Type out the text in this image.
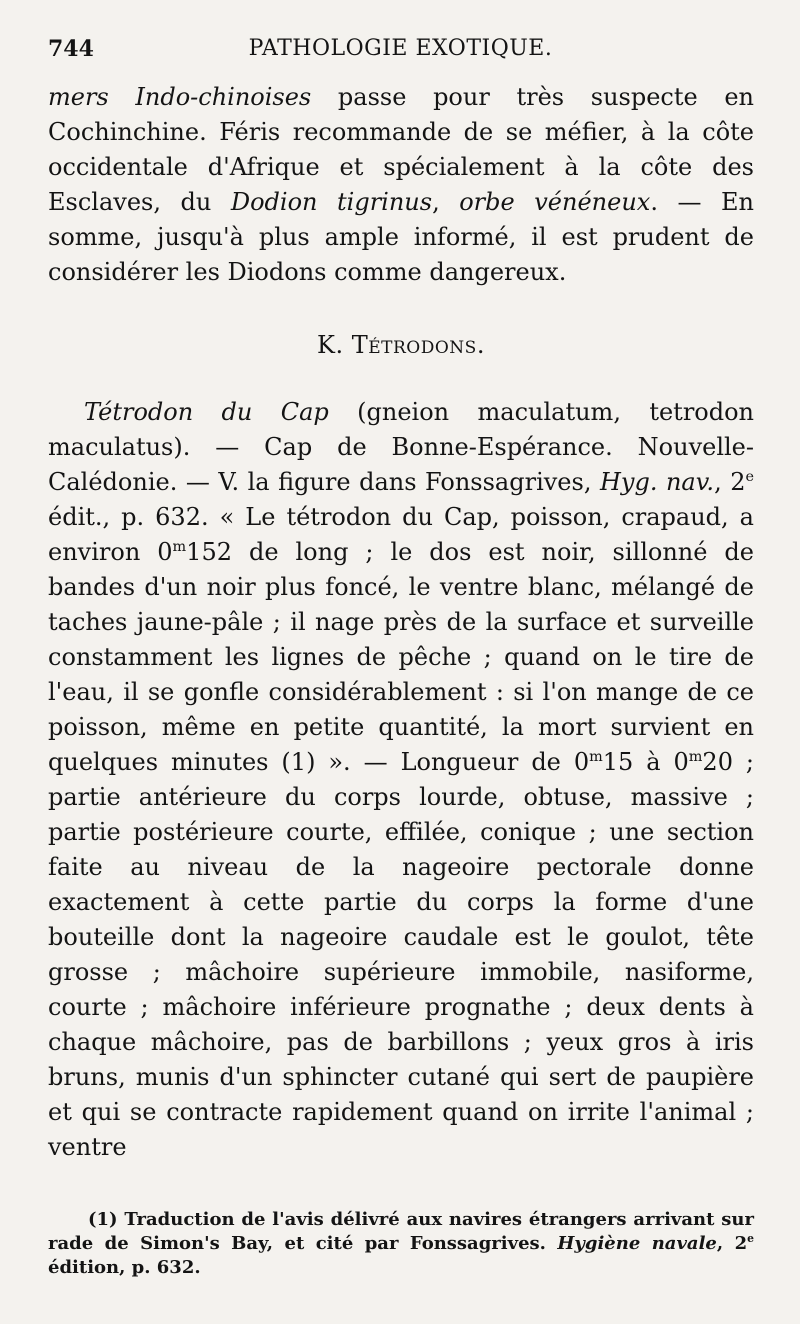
744	PATHOLOGIE EXOTIQUE.

mers Indo-chinoises passe pour très suspecte en Cochinchine. Féris recommande de se méfier, à la côte occidentale d'Afrique et spécialement à la côte des Esclaves, du Dodion tigrinus, orbe vénéneux. — En somme, jusqu'à plus ample informé, il est prudent de considérer les Diodons comme dangereux.

K. Tétrodons.

Tétrodon du Cap (gneion maculatum, tetrodon maculatus). — Cap de Bonne-Espérance. Nouvelle-Calédonie. — V. la figure dans Fonssagrives, Hyg. nav., 2e édit., p. 632. « Le tétrodon du Cap, poisson, crapaud, a environ 0$^m$152 de long ; le dos est noir, sillonné de bandes d'un noir plus foncé, le ventre blanc, mélangé de taches jaune-pâle ; il nage près de la surface et surveille constamment les lignes de pêche ; quand on le tire de l'eau, il se gonfle considérablement : si l'on mange de ce poisson, même en petite quantité, la mort survient en quelques minutes (1) ». — Longueur de 0$^m$15 à 0$^m$20 ; partie antérieure du corps lourde, obtuse, massive ; partie postérieure courte, effilée, conique ; une section faite au niveau de la nageoire pectorale donne exactement à cette partie du corps la forme d'une bouteille dont la nageoire caudale est le goulot, tête grosse ; mâchoire supérieure immobile, nasiforme, courte ; mâchoire inférieure prognathe ; deux dents à chaque mâchoire, pas de barbillons ; yeux gros à iris bruns, munis d'un sphincter cutané qui sert de paupière et qui se contracte rapidement quand on irrite l'animal ; ventre

(1) Traduction de l'avis délivré aux navires étrangers arrivant sur rade de Simon's Bay, et cité par Fonssagrives. Hygiène navale, 2e édition, p. 632.
